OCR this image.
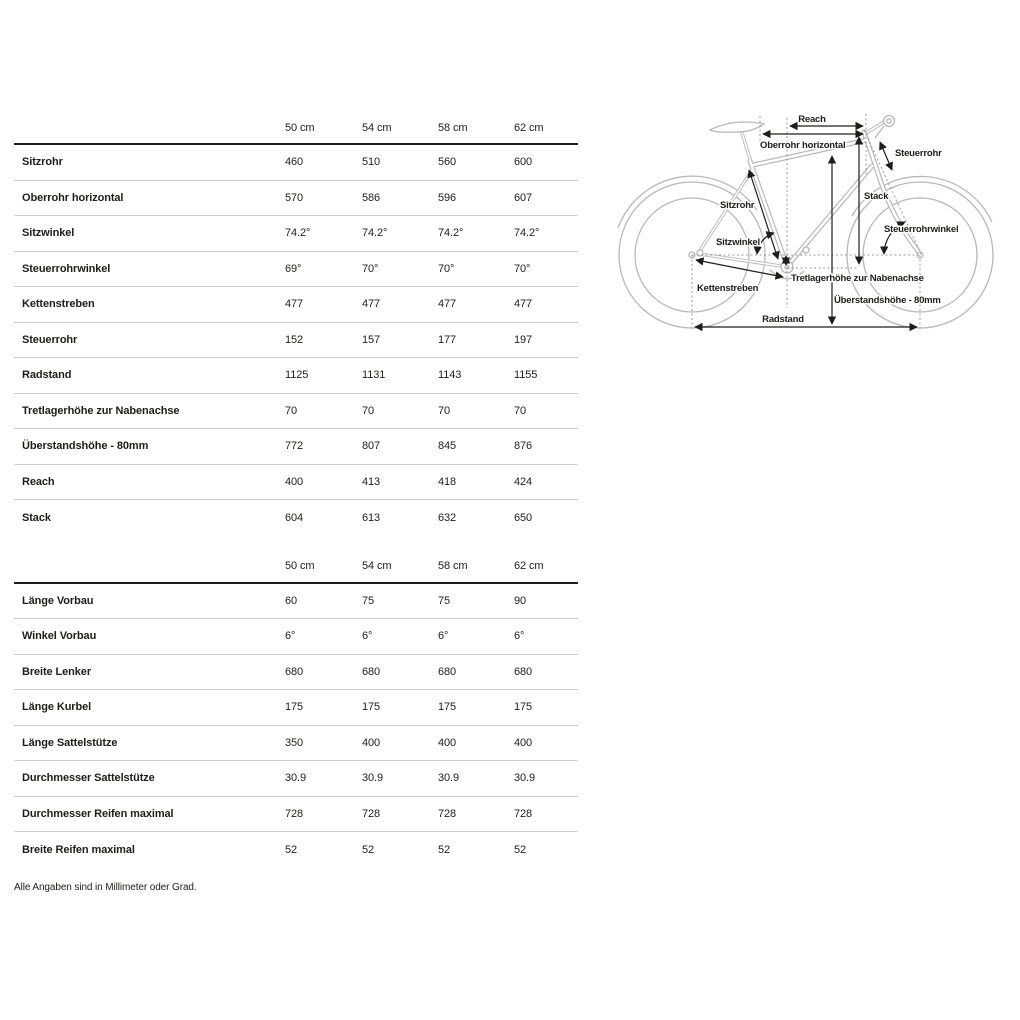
50 cm	54 cm	58 cm	62 cm
Sitzrohr	460	510	560	600
Oberrohr horizontal	570	586	596	607
Sitzwinkel	74.2°	74.2°	74.2°	74.2°
Steuerrohrwinkel	69°	70°	70°	70°
Kettenstreben	477	477	477	477
Steuerrohr	152	157	177	197
Radstand	1125	1131	1143	1155
Tretlagerhöhe zur Nabenachse	70	70	70	70
Überstandshöhe - 80mm	772	807	845	876
Reach	400	413	418	424
Stack	604	613	632	650
50 cm	54 cm	58 cm	62 cm
Länge Vorbau	60	75	75	90
Winkel Vorbau	6°	6°	6°	6°
Breite Lenker	680	680	680	680
Länge Kurbel	175	175	175	175
Länge Sattelstütze	350	400	400	400
Durchmesser Sattelstütze	30.9	30.9	30.9	30.9
Durchmesser Reifen maximal	728	728	728	728
Breite Reifen maximal	52	52	52	52
Alle Angaben sind in Millimeter oder Grad.
Reach
Oberrohr horizontal
Steuerrohr
Stack
Steuerrohrwinkel
Sitzrohr
Sitzwinkel
Tretlagerhöhe zur Nabenachse
Kettenstreben
Überstandshöhe - 80mm
Radstand
